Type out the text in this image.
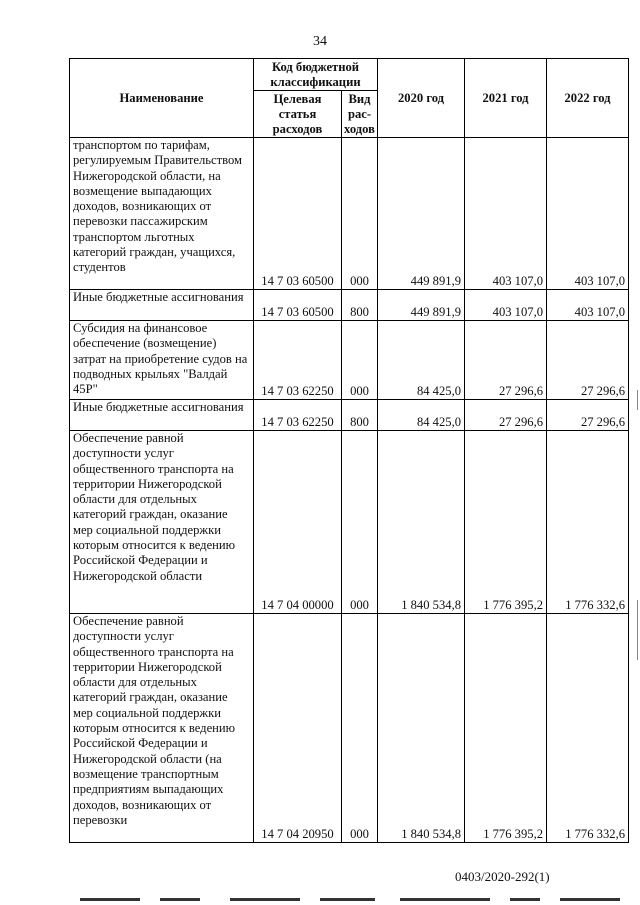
34
Наименование	Код бюджетной классификации		2020 год	2021 год	2022 год
	Целевая статья расходов	Вид рас-ходов			
транспортом по тарифам, регулируемым Правительством Нижегородской области, на возмещение выпадающих доходов, возникающих от перевозки пассажирским транспортом льготных категорий граждан, учащихся, студентов	14 7 03 60500	000	449 891,9	403 107,0	403 107,0
Иные бюджетные ассигнования	14 7 03 60500	800	449 891,9	403 107,0	403 107,0
Субсидия на финансовое обеспечение (возмещение) затрат на приобретение судов на подводных крыльях "Валдай 45Р"	14 7 03 62250	000	84 425,0	27 296,6	27 296,6
Иные бюджетные ассигнования	14 7 03 62250	800	84 425,0	27 296,6	27 296,6
Обеспечение равной доступности услуг общественного транспорта на территории Нижегородской области для отдельных категорий граждан, оказание мер социальной поддержки которым относится к ведению Российской Федерации и Нижегородской области	14 7 04 00000	000	1 840 534,8	1 776 395,2	1 776 332,6
Обеспечение равной доступности услуг общественного транспорта на территории Нижегородской области для отдельных категорий граждан, оказание мер социальной поддержки которым относится к ведению Российской Федерации и Нижегородской области (на возмещение транспортным предприятиям выпадающих доходов, возникающих от перевозки	14 7 04 20950	000	1 840 534,8	1 776 395,2	1 776 332,6
0403/2020-292(1)
